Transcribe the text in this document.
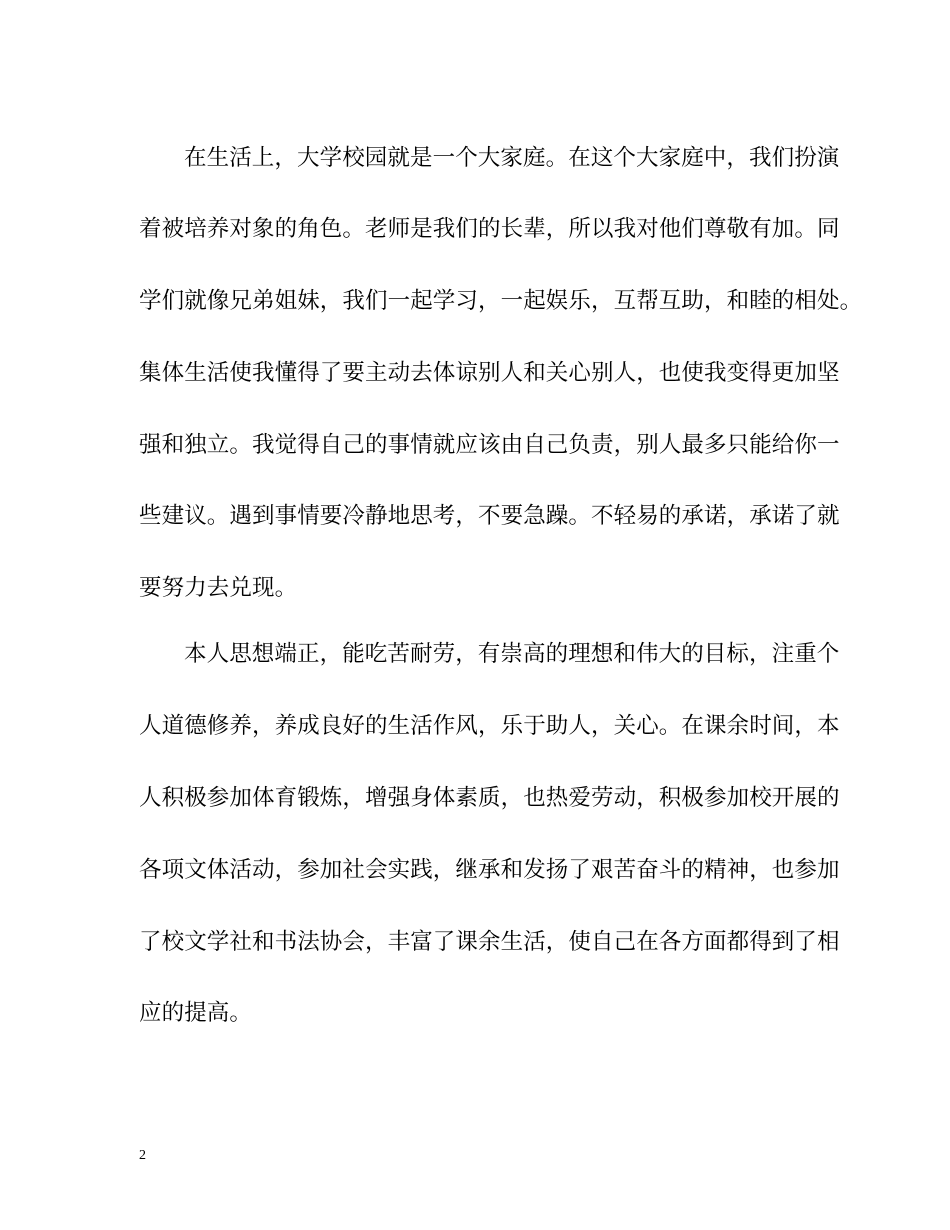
在生活上，大学校园就是一个大家庭。在这个大家庭中，我们扮演
着被培养对象的角色。老师是我们的长辈，所以我对他们尊敬有加。同
学们就像兄弟姐妹，我们一起学习，一起娱乐，互帮互助，和睦的相处。
集体生活使我懂得了要主动去体谅别人和关心别人，也使我变得更加坚
强和独立。我觉得自己的事情就应该由自己负责，别人最多只能给你一
些建议。遇到事情要冷静地思考，不要急躁。不轻易的承诺，承诺了就
要努力去兑现。
本人思想端正，能吃苦耐劳，有崇高的理想和伟大的目标，注重个
人道德修养，养成良好的生活作风，乐于助人，关心。在课余时间，本
人积极参加体育锻炼，增强身体素质，也热爱劳动，积极参加校开展的
各项文体活动，参加社会实践，继承和发扬了艰苦奋斗的精神，也参加
了校文学社和书法协会，丰富了课余生活，使自己在各方面都得到了相
应的提高。
2
